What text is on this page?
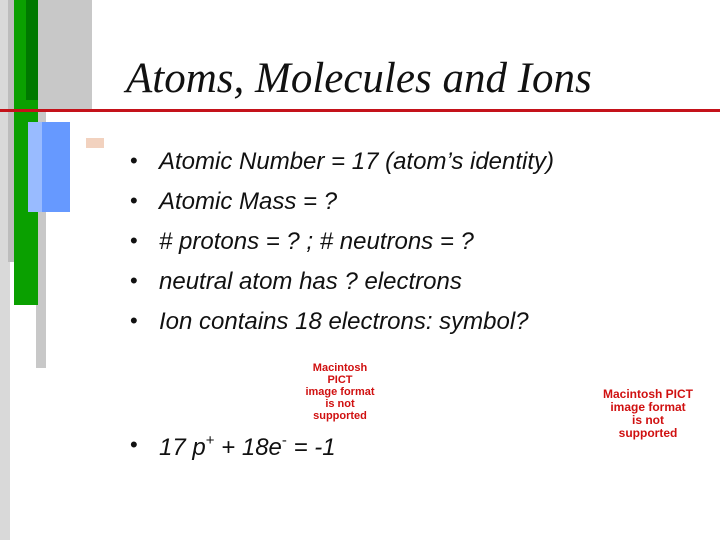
Atoms, Molecules and Ions
• Atomic Number = 17 (atom’s identity)
• Atomic Mass = ?
• # protons = ? ; # neutrons = ?
• neutral atom has ? electrons
• Ion contains 18 electrons: symbol?
Macintosh PICT
image format
is not supported
Macintosh PICT
image format
is not supported
• 17 p+ + 18e- = -1
